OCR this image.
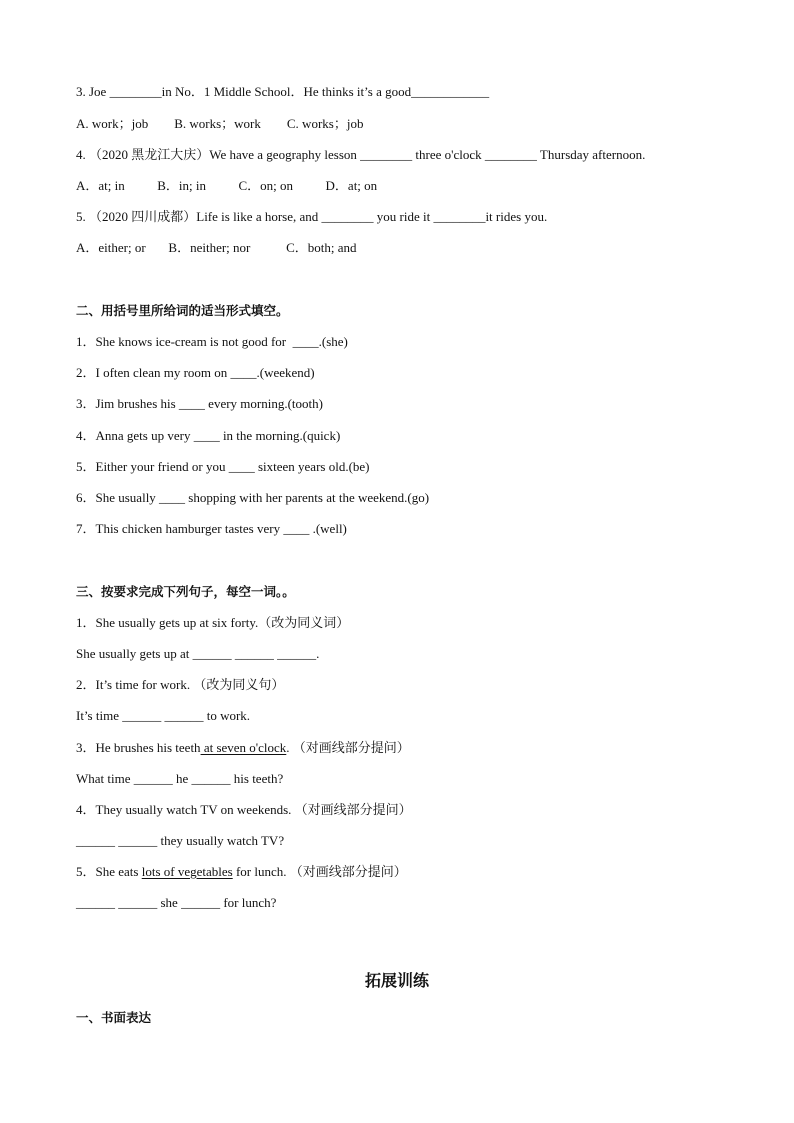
3. Joe ________in No．1 Middle School．He thinks it’s a good____________
A. work；job        B. works；work        C. works；job
4. （2020 黑龙江大庆）We have a geography lesson ________ three o'clock ________ Thursday afternoon.
A．at; in          B．in; in          C．on; on          D．at; on
5. （2020 四川成都）Life is like a horse, and ________ you ride it ________it rides you.
A．either; or       B．neither; nor           C．both; and
二、用括号里所给词的适当形式填空。
1．She knows ice-cream is not good for  ____.(she)
2．I often clean my room on ____.(weekend)
3．Jim brushes his ____ every morning.(tooth)
4．Anna gets up very ____ in the morning.(quick)
5．Either your friend or you ____ sixteen years old.(be)
6．She usually ____ shopping with her parents at the weekend.(go)
7．This chicken hamburger tastes very ____ .(well)
三、按要求完成下列句子，每空一词。。
1．She usually gets up at six forty.（改为同义词）
She usually gets up at ______ ______ ______.
2．It’s time for work. （改为同义句）
It’s time ______ ______ to work.
3．He brushes his teeth at seven o'clock. （对画线部分提问）
What time ______ he ______ his teeth?
4．They usually watch TV on weekends. （对画线部分提问）
______ ______ they usually watch TV?
5．She eats lots of vegetables for lunch. （对画线部分提问）
______ ______ she ______ for lunch?
拓展训练
一、书面表达
